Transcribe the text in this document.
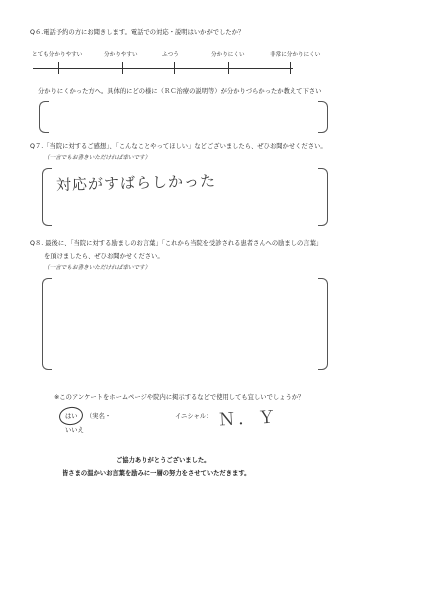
Q６.電話予約の方にお聞きします。電話での対応・説明はいかがでしたか？
とても分かりやすい	分かりやすい	ふつう	分かりにくい	非常に分かりにくい
分かりにくかった方へ。具体的にどの様に（ＲＣ治療の説明等）が分かりづらかったか教えて下さい
Q７.「当院に対するご感想」、「こんなことやってほしい」などございましたら、ぜひお聞かせください。
（一言でもお書きいただければ幸いです）
対応がすばらしかった
Q８. 最後に、「当院に対する励ましのお言葉」「これから当院を受診される患者さんへの励ましの言葉」
を頂けましたら、ぜひお聞かせください。
（一言でもお書きいただければ幸いです）
※このアンケートをホームページや院内に掲示するなどで使用しても宜しいでしょうか？
はい （実名・
いいえ
イニシャル： Ｎ．Ｙ
ご協力ありがとうございました。
皆さまの温かいお言葉を励みに一層の努力をさせていただきます。
